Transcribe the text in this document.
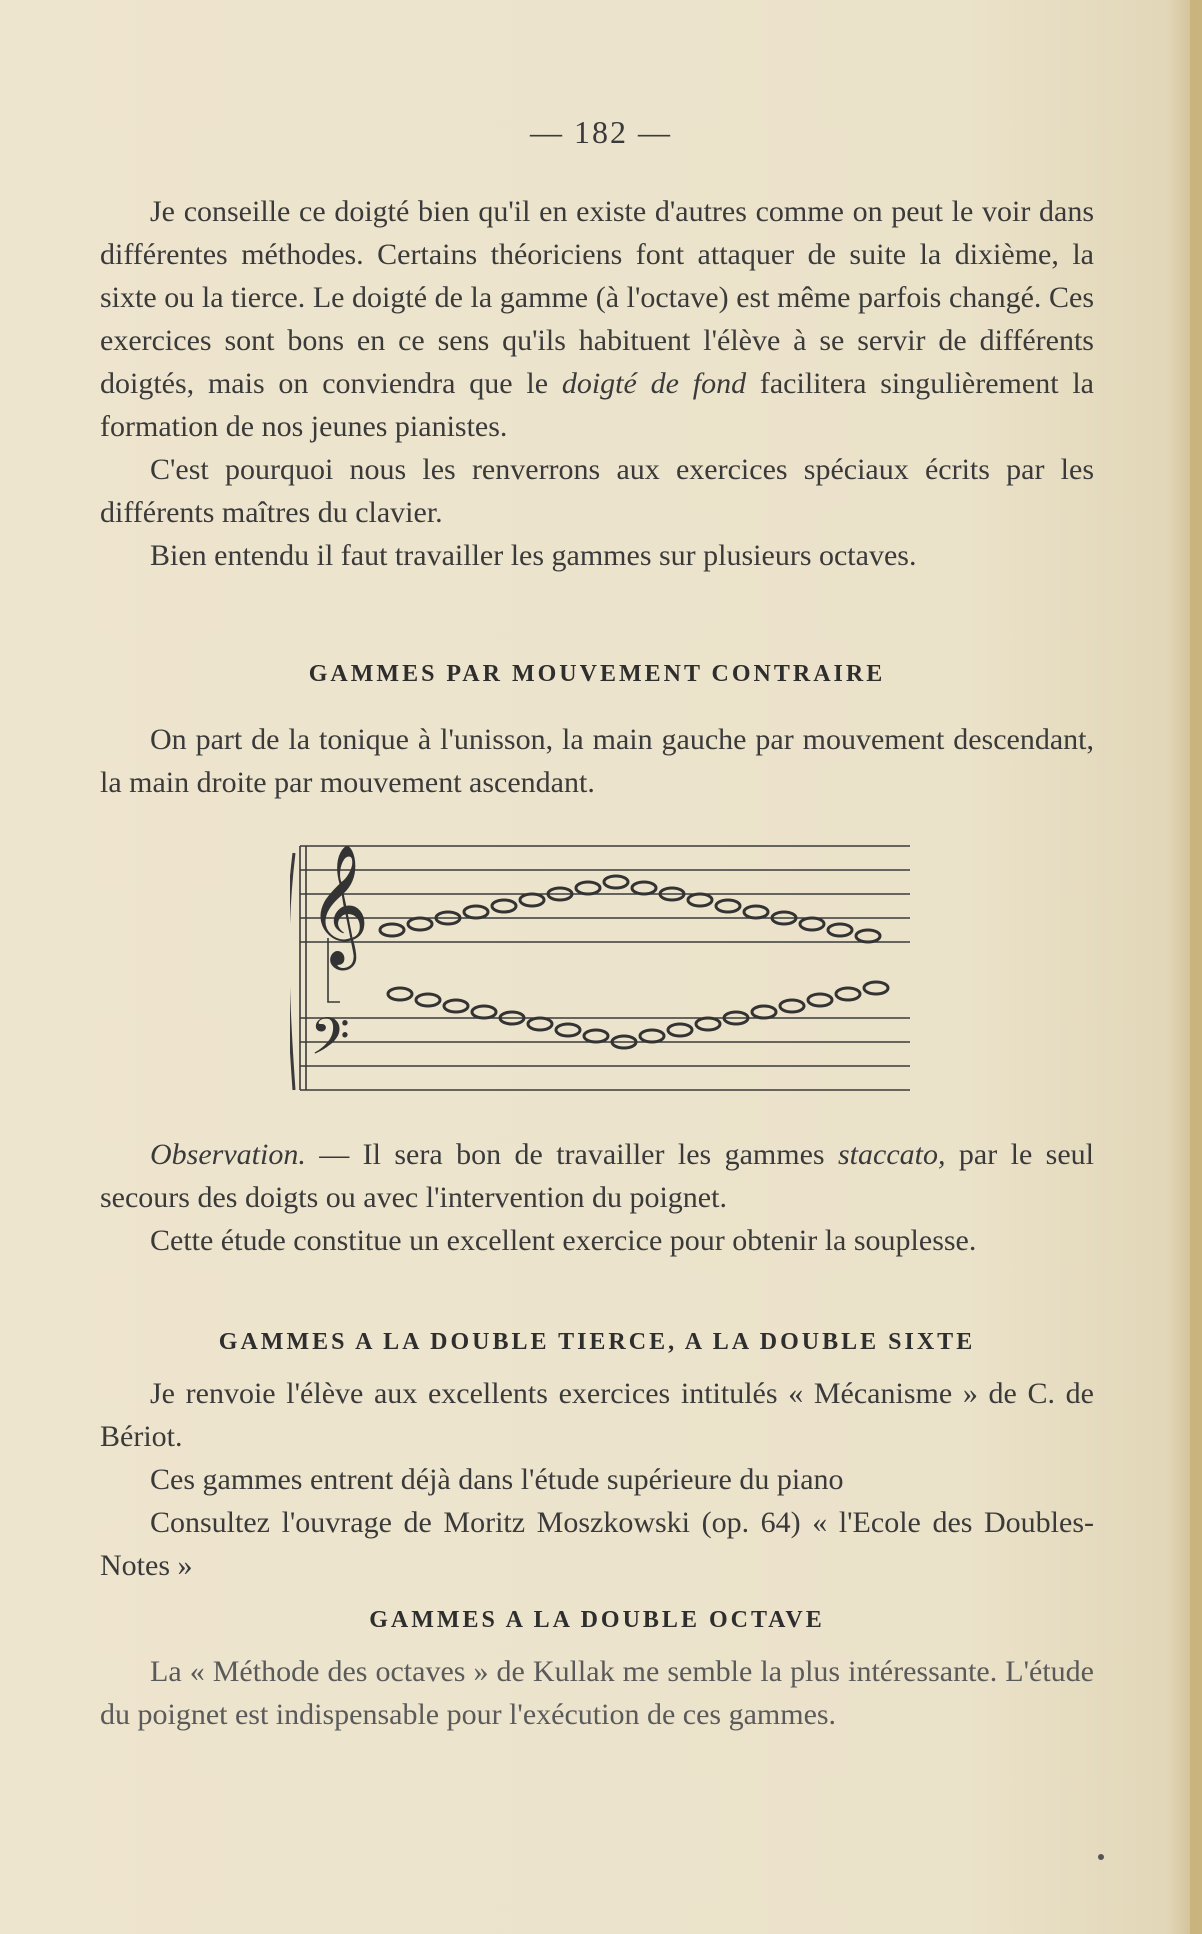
— 182 —

Je conseille ce doigté bien qu'il en existe d'autres comme on peut le voir dans différentes méthodes. Certains théoriciens font attaquer de suite la dixième, la sixte ou la tierce. Le doigté de la gamme (à l'octave) est même parfois changé. Ces exercices sont bons en ce sens qu'ils habituent l'élève à se servir de différents doigtés, mais on conviendra que le doigté de fond facilitera singulièrement la formation de nos jeunes pianistes.

C'est pourquoi nous les renverrons aux exercices spéciaux écrits par les différents maîtres du clavier.

Bien entendu il faut travailler les gammes sur plusieurs octaves.

GAMMES PAR MOUVEMENT CONTRAIRE

On part de la tonique à l'unisson, la main gauche par mouvement descendant, la main droite par mouvement ascendant.

𝄞
𝄢

Observation. — Il sera bon de travailler les gammes staccato, par le seul secours des doigts ou avec l'intervention du poignet.

Cette étude constitue un excellent exercice pour obtenir la souplesse.

GAMMES A LA DOUBLE TIERCE, A LA DOUBLE SIXTE

Je renvoie l'élève aux excellents exercices intitulés « Mécanisme » de C. de Bériot.

Ces gammes entrent déjà dans l'étude supérieure du piano

Consultez l'ouvrage de Moritz Moszkowski (op. 64) « l'Ecole des Doubles-Notes »

GAMMES A LA DOUBLE OCTAVE

La « Méthode des octaves » de Kullak me semble la plus intéressante. L'étude du poignet est indispensable pour l'exécution de ces gammes.
